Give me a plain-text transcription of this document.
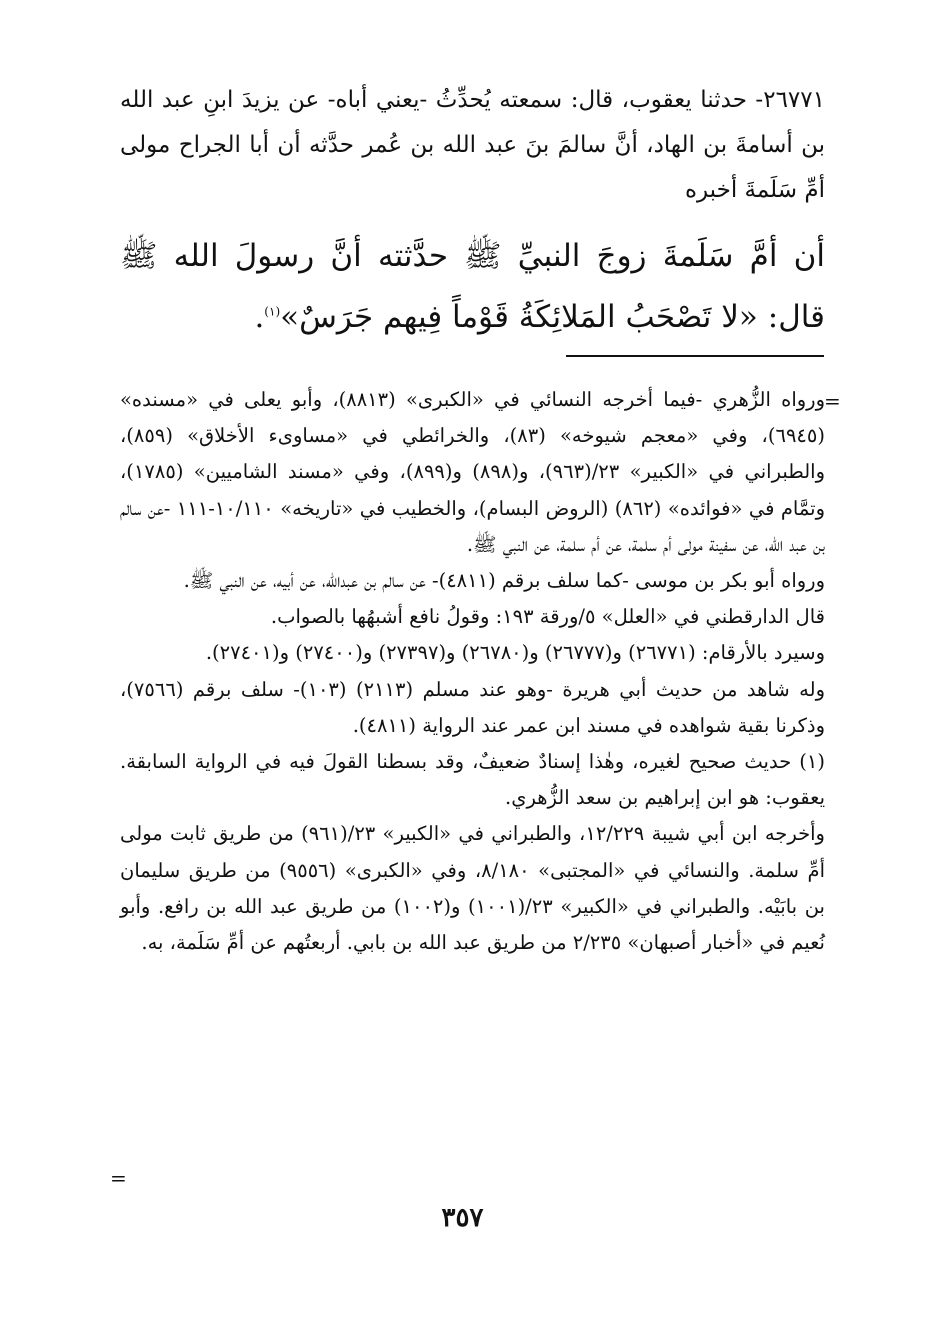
٢٦٧٧١- حدثنا يعقوب، قال: سمعته يُحدِّثُ -يعني أباه- عن يزيدَ ابنِ عبد الله بن أسامةَ بن الهاد، أنَّ سالمَ بنَ عبد الله بن عُمر حدَّثه أن أبا الجراح مولى أمِّ سَلَمةَ أخبره
أن أمَّ سَلَمةَ زوجَ النبيِّ ﷺ حدَّثته أنَّ رسولَ الله ﷺ قال: «لا تَصْحَبُ المَلائِكَةُ قَوْماً فِيهم جَرَسٌ»$^{(١)}$.
=

ورواه الزُّهري -فيما أخرجه النسائي في «الكبرى» (٨٨١٣)، وأبو يعلى في «مسنده» (٦٩٤٥)، وفي «معجم شيوخه» (٨٣)، والخرائطي في «مساوىء الأخلاق» (٨٥٩)، والطبراني في «الكبير» ٢٣/(٩٦٣)، و(٨٩٨) و(٨٩٩)، وفي «مسند الشاميين» (١٧٨٥)، وتمَّام في «فوائده» (٨٦٢) (الروض البسام)، والخطيب في «تاريخه» ١٠/١١٠-١١١ -عن سالم بن عبد الله، عن سفينة مولى أم سلمة، عن أم سلمة، عن النبي ﷺ.

ورواه أبو بكر بن موسى -كما سلف برقم (٤٨١١)- عن سالم بن عبدالله، عن أبيه، عن النبي ﷺ.

قال الدارقطني في «العلل» ٥/ورقة ١٩٣: وقولُ نافع أشبهُها بالصواب.

وسيرد بالأرقام: (٢٦٧٧١) و(٢٦٧٧٧) و(٢٦٧٨٠) و(٢٧٣٩٧) و(٢٧٤٠٠) و(٢٧٤٠١).

وله شاهد من حديث أبي هريرة -وهو عند مسلم (٢١١٣) (١٠٣)- سلف برقم (٧٥٦٦)، وذكرنا بقية شواهده في مسند ابن عمر عند الرواية (٤٨١١).

(١) حديث صحيح لغيره، وهٰذا إسنادٌ ضعيفٌ، وقد بسطنا القولَ فيه في الرواية السابقة. يعقوب: هو ابن إبراهيم بن سعد الزُّهري.

وأخرجه ابن أبي شيبة ١٢/٢٢٩، والطبراني في «الكبير» ٢٣/(٩٦١) من طريق ثابت مولى أمِّ سلمة. والنسائي في «المجتبى» ٨/١٨٠، وفي «الكبرى» (٩٥٥٦) من طريق سليمان بن بابَيْه. والطبراني في «الكبير» ٢٣/(١٠٠١) و(١٠٠٢) من طريق عبد الله بن رافع. وأبو نُعيم في «أخبار أصبهان» ٢/٢٣٥ من طريق عبد الله بن بابي. أربعتُهم عن أمِّ سَلَمة، به.

=
٣٥٧
